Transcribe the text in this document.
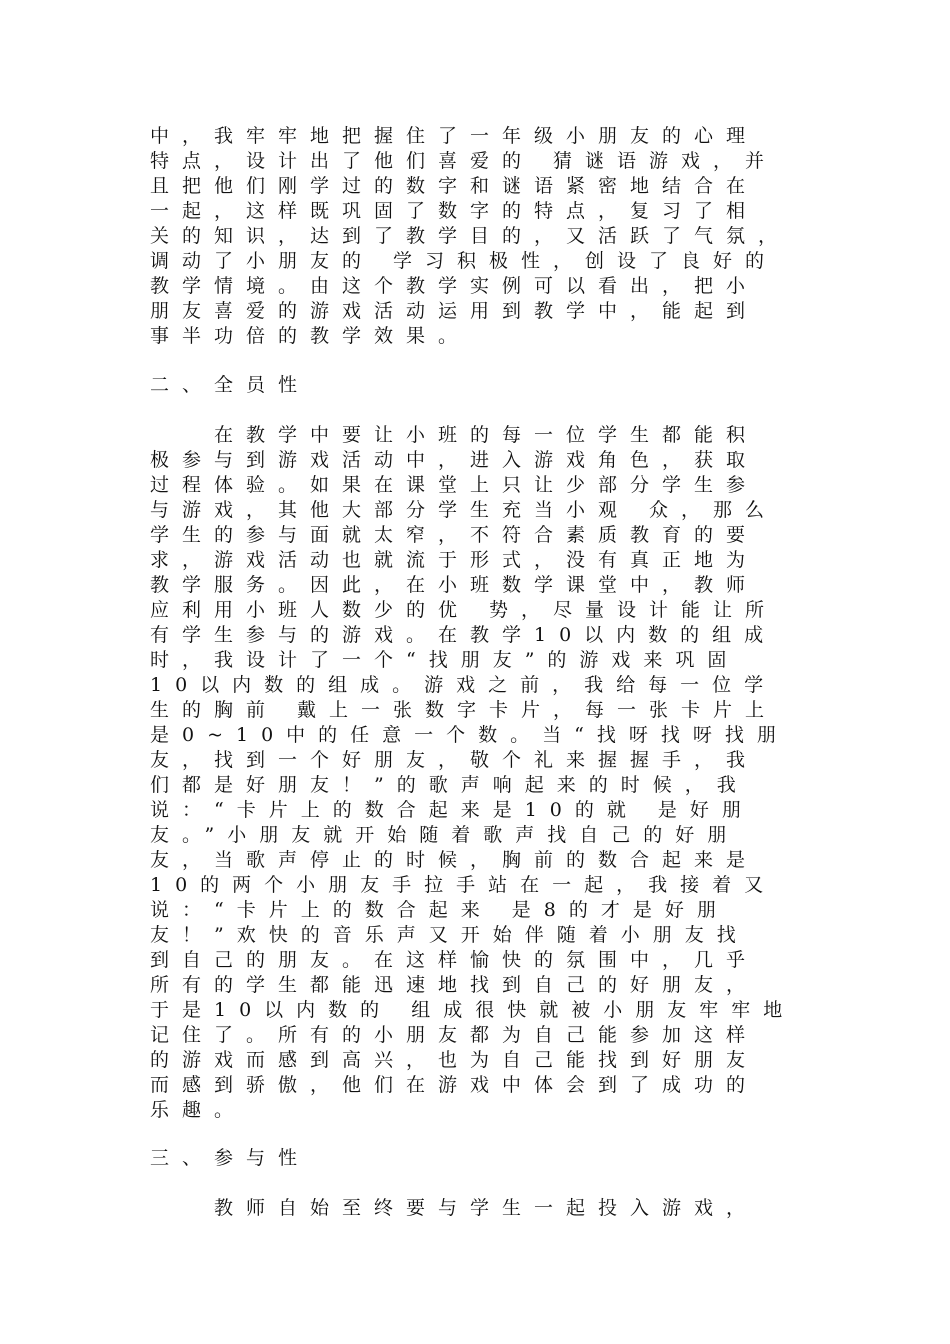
中，我牢牢地把握住了一年级小朋友的心理
特点，设计出了他们喜爱的 猜谜语游戏，并
且把他们刚学过的数字和谜语紧密地结合在
一起，这样既巩固了数字的特点，复习了相
关的知识，达到了教学目的，又活跃了气氛，
调动了小朋友的 学习积极性，创设了良好的
教学情境。由这个教学实例可以看出，把小
朋友喜爱的游戏活动运用到教学中，能起到
事半功倍的教学效果。
二、全员性
　　在教学中要让小班的每一位学生都能积
极参与到游戏活动中，进入游戏角色，获取
过程体验。如果在课堂上只让少部分学生参
与游戏，其他大部分学生充当小观 众，那么
学生的参与面就太窄，不符合素质教育的要
求，游戏活动也就流于形式，没有真正地为
教学服务。因此，在小班数学课堂中，教师
应利用小班人数少的优 势，尽量设计能让所
有学生参与的游戏。在教学10以内数的组成
时，我设计了一个“找朋友”的游戏来巩固
10以内数的组成。游戏之前，我给每一位学
生的胸前 戴上一张数字卡片，每一张卡片上
是0~10中的任意一个数。当“找呀找呀找朋
友，找到一个好朋友，敬个礼来握握手，我
们都是好朋友！”的歌声响起来的时候，我
说：“卡片上的数合起来是10的就 是好朋
友。”小朋友就开始随着歌声找自己的好朋
友，当歌声停止的时候，胸前的数合起来是
10的两个小朋友手拉手站在一起，我接着又
说：“卡片上的数合起来 是8的才是好朋
友！”欢快的音乐声又开始伴随着小朋友找
到自己的朋友。在这样愉快的氛围中，几乎
所有的学生都能迅速地找到自己的好朋友，
于是10以内数的 组成很快就被小朋友牢牢地
记住了。所有的小朋友都为自己能参加这样
的游戏而感到高兴，也为自己能找到好朋友
而感到骄傲，他们在游戏中体会到了成功的
乐趣。
三、参与性
　　教师自始至终要与学生一起投入游戏，
